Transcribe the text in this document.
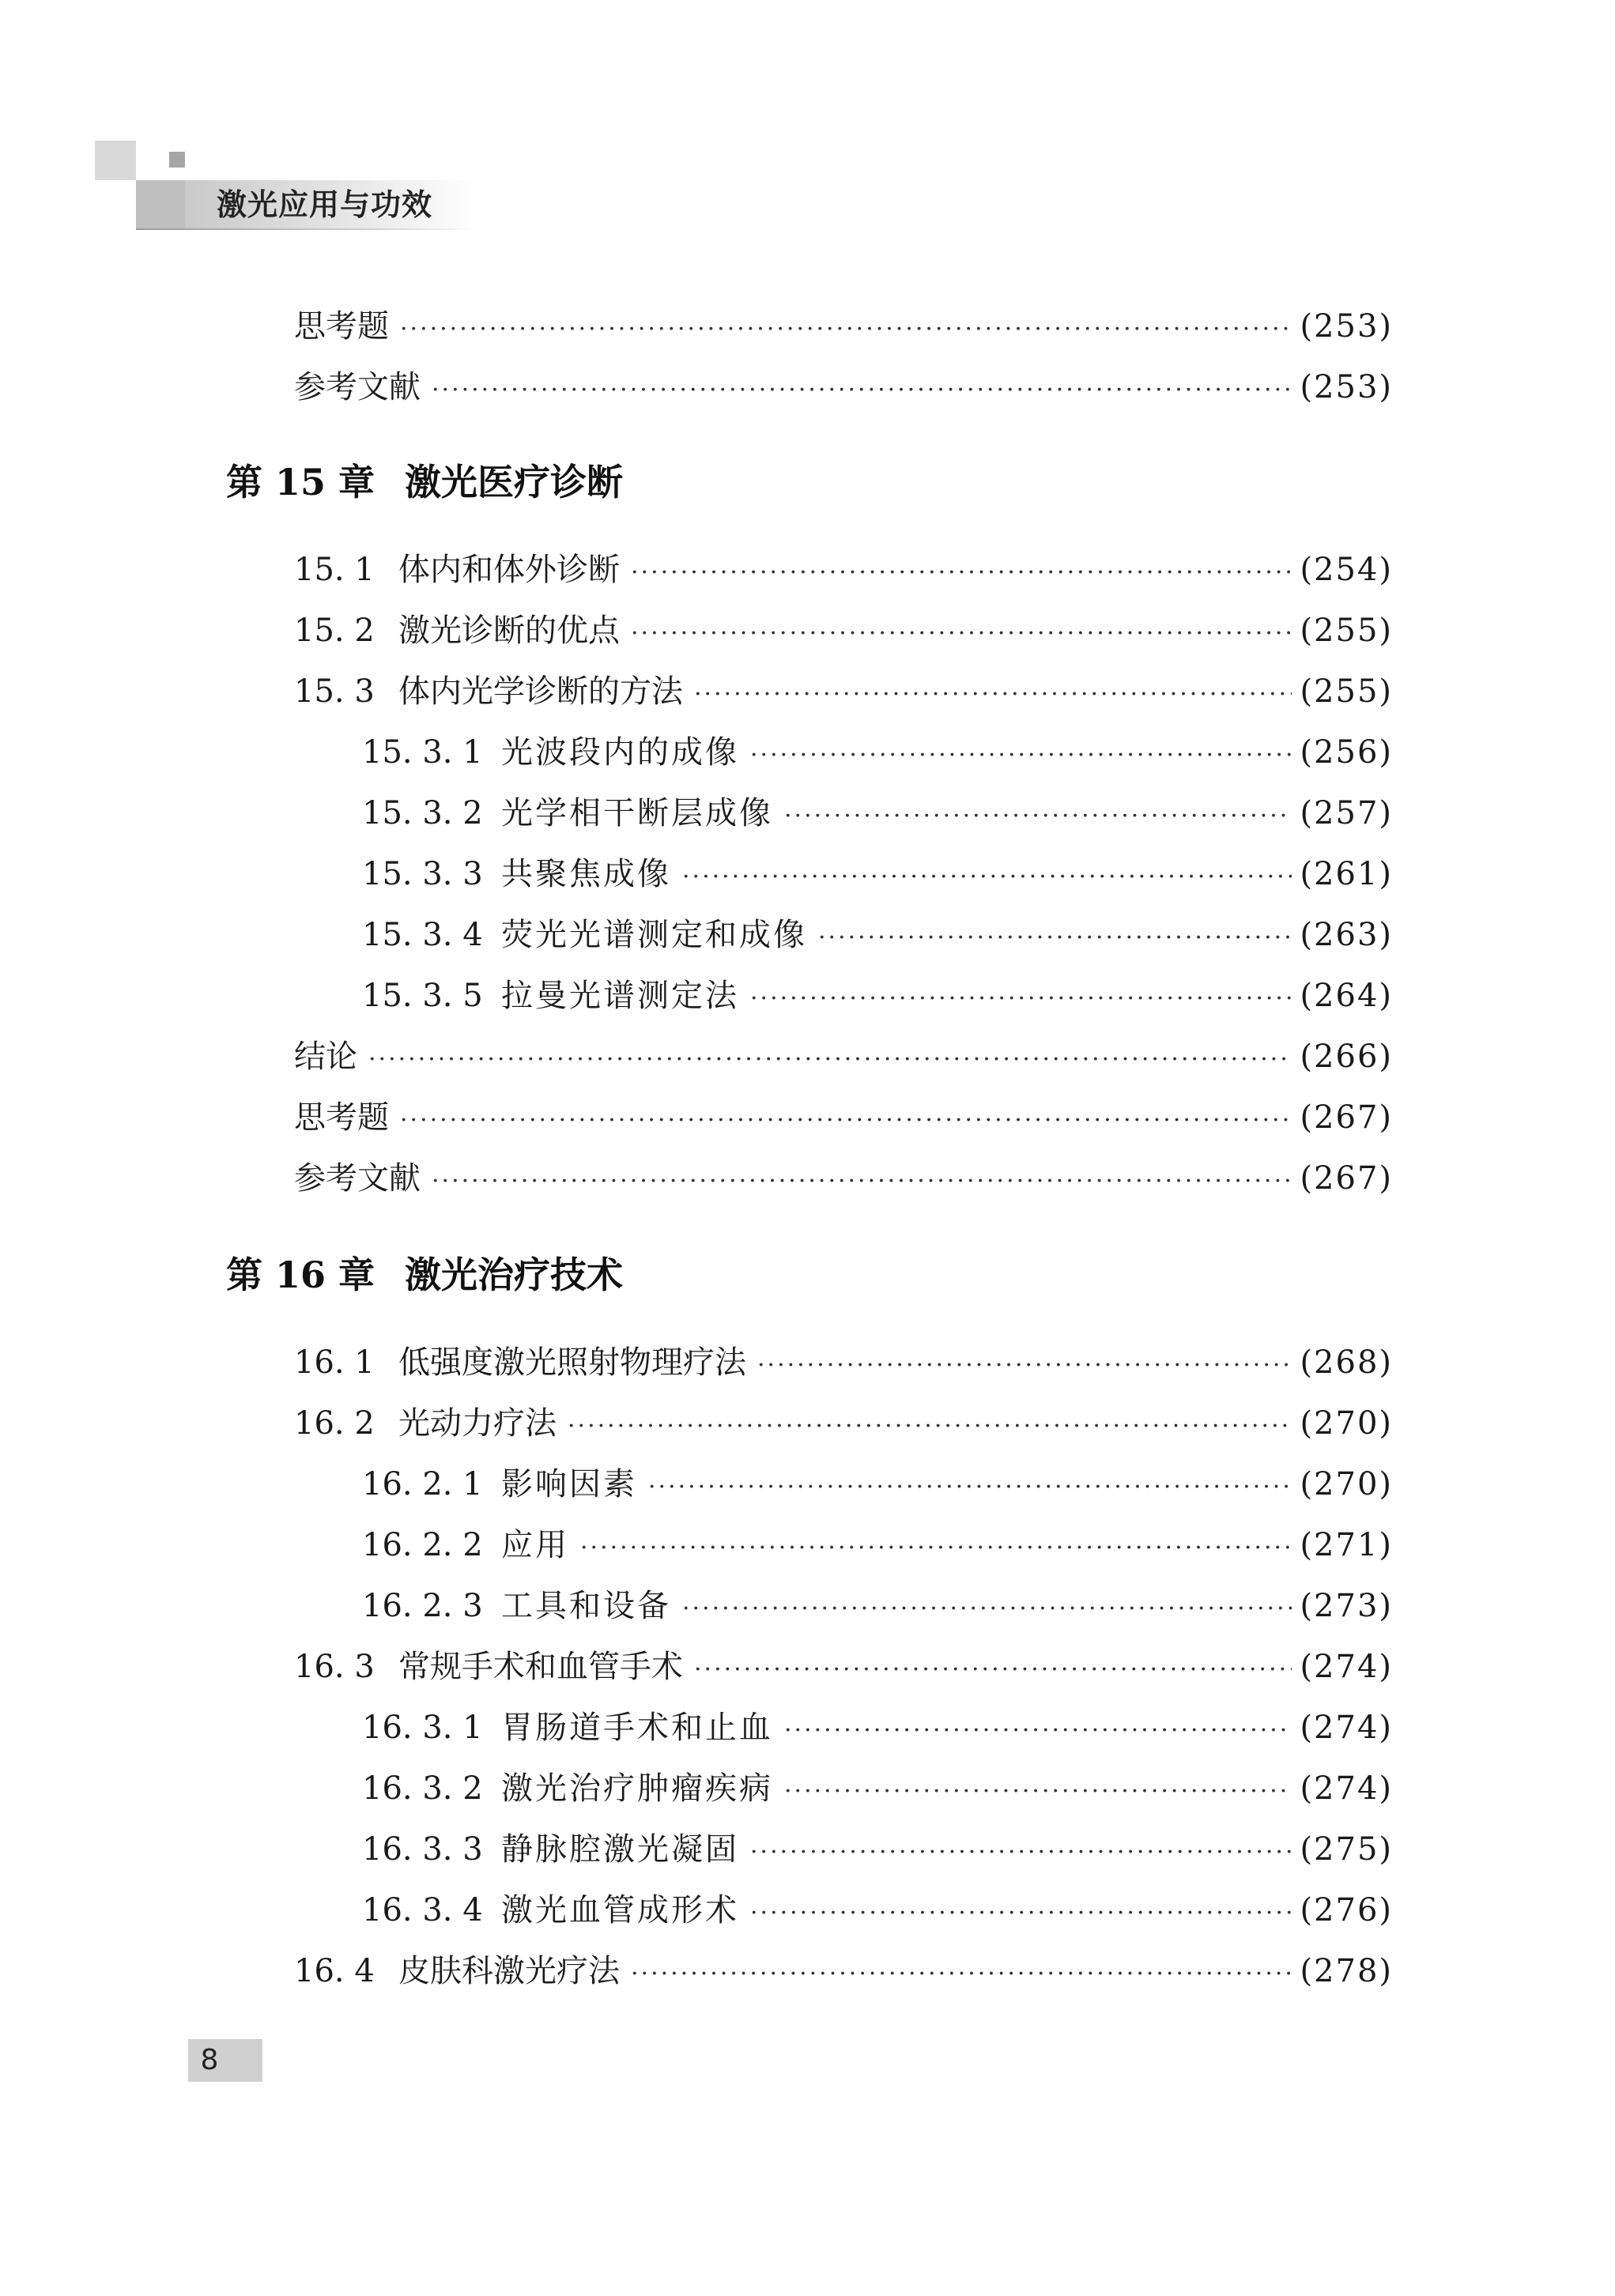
激光应用与功效
思考题 ·····	(253)
参考文献 ·····	(253)
第 15 章 激光医疗诊断
15. 1 体内和体外诊断 ·····	(254)
15. 2 激光诊断的优点 ·····	(255)
15. 3 体内光学诊断的方法 ·····	(255)
15. 3. 1 光波段内的成像 ·····	(256)
15. 3. 2 光学相干断层成像 ·····	(257)
15. 3. 3 共聚焦成像 ·····	(261)
15. 3. 4 荧光光谱测定和成像 ·····	(263)
15. 3. 5 拉曼光谱测定法 ·····	(264)
结论 ·····	(266)
思考题 ·····	(267)
参考文献 ·····	(267)
第 16 章 激光治疗技术
16. 1 低强度激光照射物理疗法 ·····	(268)
16. 2 光动力疗法 ·····	(270)
16. 2. 1 影响因素 ·····	(270)
16. 2. 2 应用 ·····	(271)
16. 2. 3 工具和设备 ·····	(273)
16. 3 常规手术和血管手术 ·····	(274)
16. 3. 1 胃肠道手术和止血 ·····	(274)
16. 3. 2 激光治疗肿瘤疾病 ·····	(274)
16. 3. 3 静脉腔激光凝固 ·····	(275)
16. 3. 4 激光血管成形术 ·····	(276)
16. 4 皮肤科激光疗法 ·····	(278)
8
